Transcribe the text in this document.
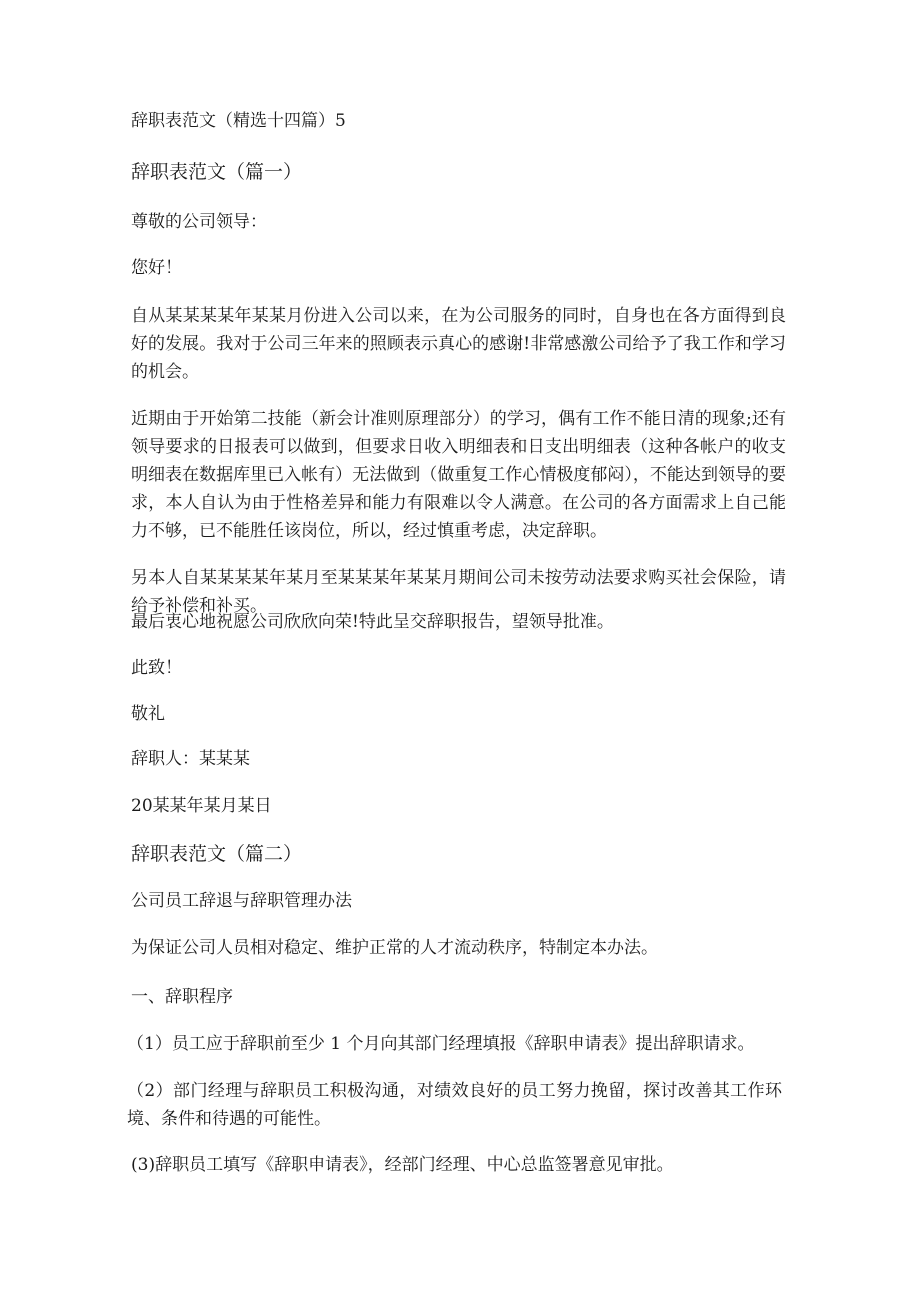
辞职表范文（精选十四篇）5

辞职表范文（篇一）

尊敬的公司领导：

您好！

自从某某某某年某某月份进入公司以来，在为公司服务的同时，自身也在各方面得到良好的发展。我对于公司三年来的照顾表示真心的感谢!非常感激公司给予了我工作和学习的机会。

近期由于开始第二技能（新会计准则原理部分）的学习，偶有工作不能日清的现象;还有领导要求的日报表可以做到，但要求日收入明细表和日支出明细表（这种各帐户的收支明细表在数据库里已入帐有）无法做到（做重复工作心情极度郁闷），不能达到领导的要求，本人自认为由于性格差异和能力有限难以令人满意。在公司的各方面需求上自己能力不够，已不能胜任该岗位，所以，经过慎重考虑，决定辞职。

另本人自某某某某年某月至某某某年某某月期间公司未按劳动法要求购买社会保险，请给予补偿和补买。

最后衷心地祝愿公司欣欣向荣!特此呈交辞职报告，望领导批准。

此致！

敬礼

辞职人：某某某

20某某年某月某日

辞职表范文（篇二）

公司员工辞退与辞职管理办法

为保证公司人员相对稳定、维护正常的人才流动秩序，特制定本办法。

一、辞职程序

（1）员工应于辞职前至少 1 个月向其部门经理填报《辞职申请表》提出辞职请求。

（2）部门经理与辞职员工积极沟通，对绩效良好的员工努力挽留，探讨改善其工作环境、条件和待遇的可能性。

(3)辞职员工填写《辞职申请表》，经部门经理、中心总监签署意见审批。
